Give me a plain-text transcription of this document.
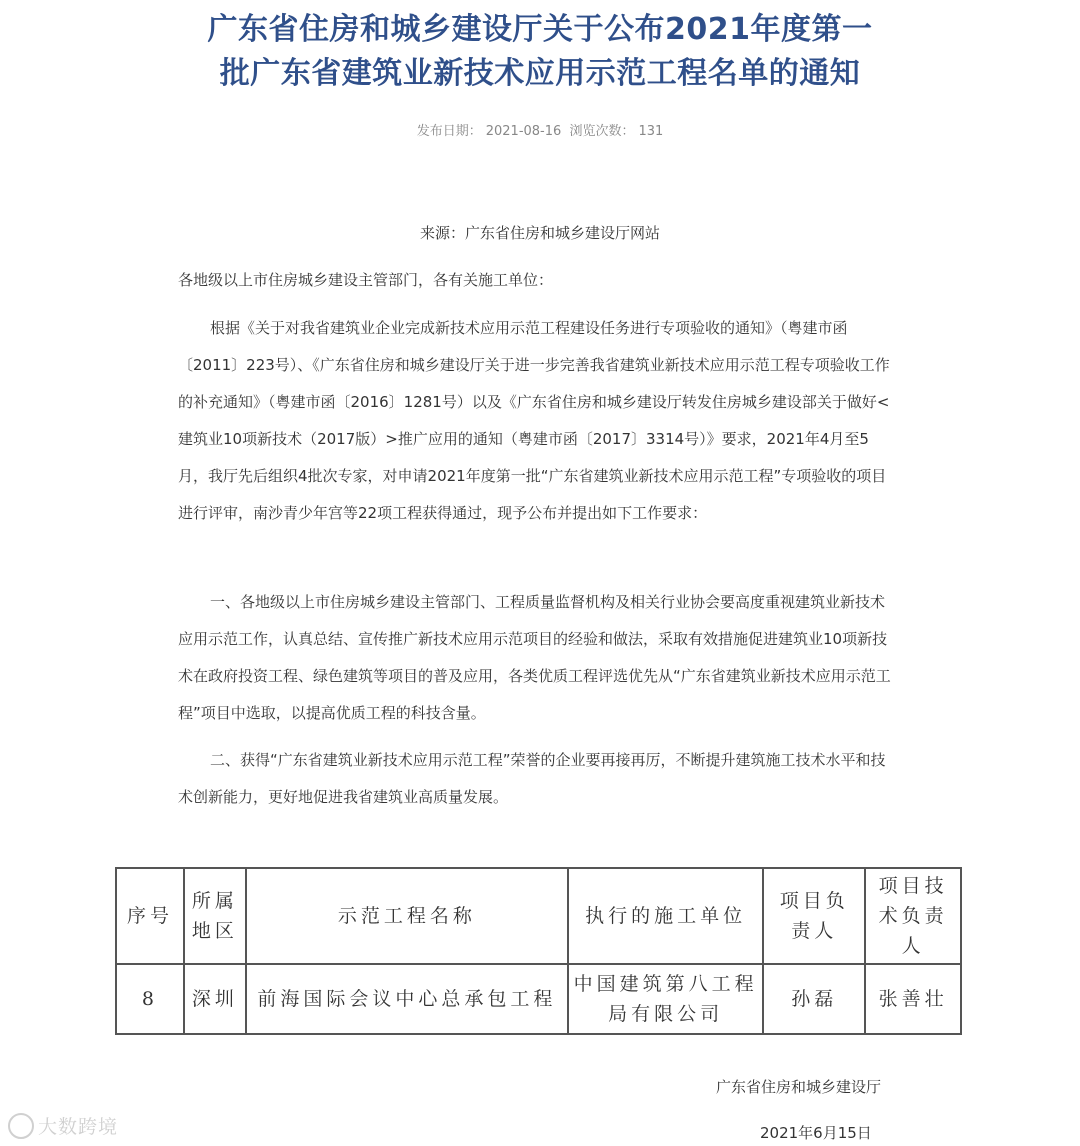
广东省住房和城乡建设厅关于公布2021年度第一
批广东省建筑业新技术应用示范工程名单的通知
发布日期： 2021-08-16 浏览次数： 131
来源：广东省住房和城乡建设厅网站

各地级以上市住房城乡建设主管部门，各有关施工单位：

根据《关于对我省建筑业企业完成新技术应用示范工程建设任务进行专项验收的通知》（粤建市函〔2011〕223号）、《广东省住房和城乡建设厅关于进一步完善我省建筑业新技术应用示范工程专项验收工作的补充通知》（粤建市函〔2016〕1281号）以及《广东省住房和城乡建设厅转发住房城乡建设部关于做好<建筑业10项新技术（2017版）>推广应用的通知（粤建市函〔2017〕3314号）》要求，2021年4月至5月，我厅先后组织4批次专家，对申请2021年度第一批“广东省建筑业新技术应用示范工程”专项验收的项目进行评审，南沙青少年宫等22项工程获得通过，现予公布并提出如下工作要求：

一、各地级以上市住房城乡建设主管部门、工程质量监督机构及相关行业协会要高度重视建筑业新技术应用示范工作，认真总结、宣传推广新技术应用示范项目的经验和做法，采取有效措施促进建筑业10项新技术在政府投资工程、绿色建筑等项目的普及应用，各类优质工程评选优先从“广东省建筑业新技术应用示范工程”项目中选取，以提高优质工程的科技含量。

二、获得“广东省建筑业新技术应用示范工程”荣誉的企业要再接再厉，不断提升建筑施工技术水平和技术创新能力，更好地促进我省建筑业高质量发展。

序号	所属地区	示范工程名称	执行的施工单位	项目负责人	项目技术负责人
8	深圳	前海国际会议中心总承包工程	中国建筑第八工程局有限公司	孙磊	张善壮
广东省住房和城乡建设厅
2021年6月15日
大数跨境
